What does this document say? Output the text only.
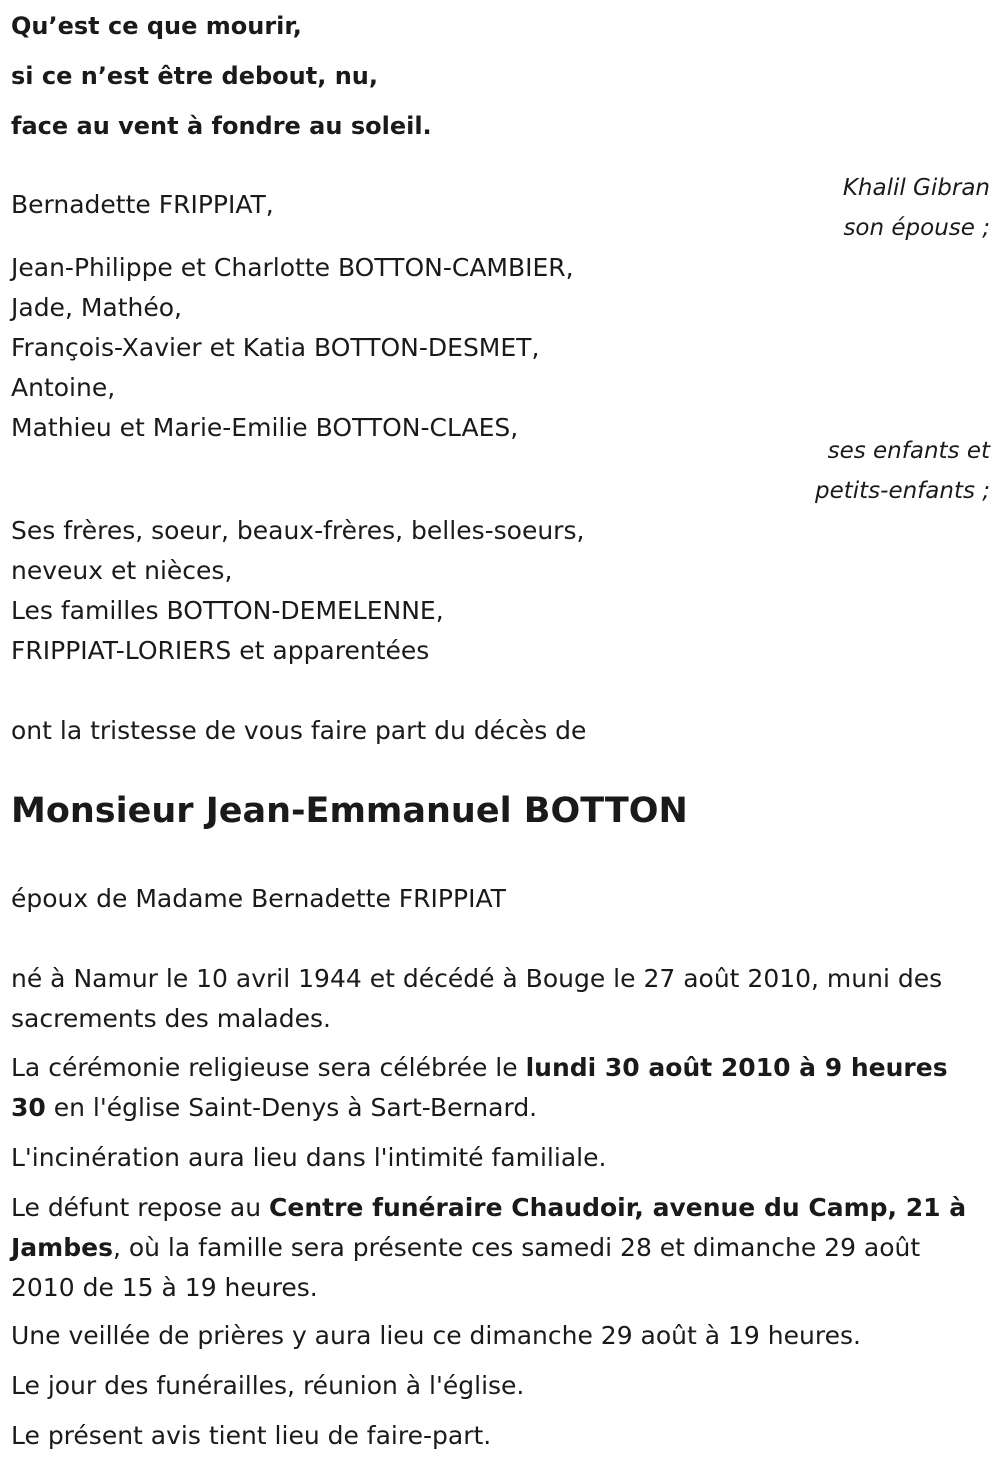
Qu’est ce que mourir,
si ce n’est être debout, nu,
face au vent à fondre au soleil.
Khalil Gibran
Bernadette FRIPPIAT,
son épouse ;
Jean-Philippe et Charlotte BOTTON-CAMBIER,
Jade, Mathéo,
François-Xavier et Katia BOTTON-DESMET,
Antoine,
Mathieu et Marie-Emilie BOTTON-CLAES,
ses enfants et
petits-enfants ;
Ses frères, soeur, beaux-frères, belles-soeurs,
neveux et nièces,
Les familles BOTTON-DEMELENNE,
FRIPPIAT-LORIERS et apparentées
ont la tristesse de vous faire part du décès de
Monsieur Jean-Emmanuel BOTTON
époux de Madame Bernadette FRIPPIAT
né à Namur le 10 avril 1944 et décédé à Bouge le 27 août 2010, muni des sacrements des malades.
La cérémonie religieuse sera célébrée le lundi 30 août 2010 à 9 heures 30 en l'église Saint-Denys à Sart-Bernard.
L'incinération aura lieu dans l'intimité familiale.
Le défunt repose au Centre funéraire Chaudoir, avenue du Camp, 21 à Jambes, où la famille sera présente ces samedi 28 et dimanche 29 août 2010 de 15 à 19 heures.
Une veillée de prières y aura lieu ce dimanche 29 août à 19 heures.
Le jour des funérailles, réunion à l'église.
Le présent avis tient lieu de faire-part.
